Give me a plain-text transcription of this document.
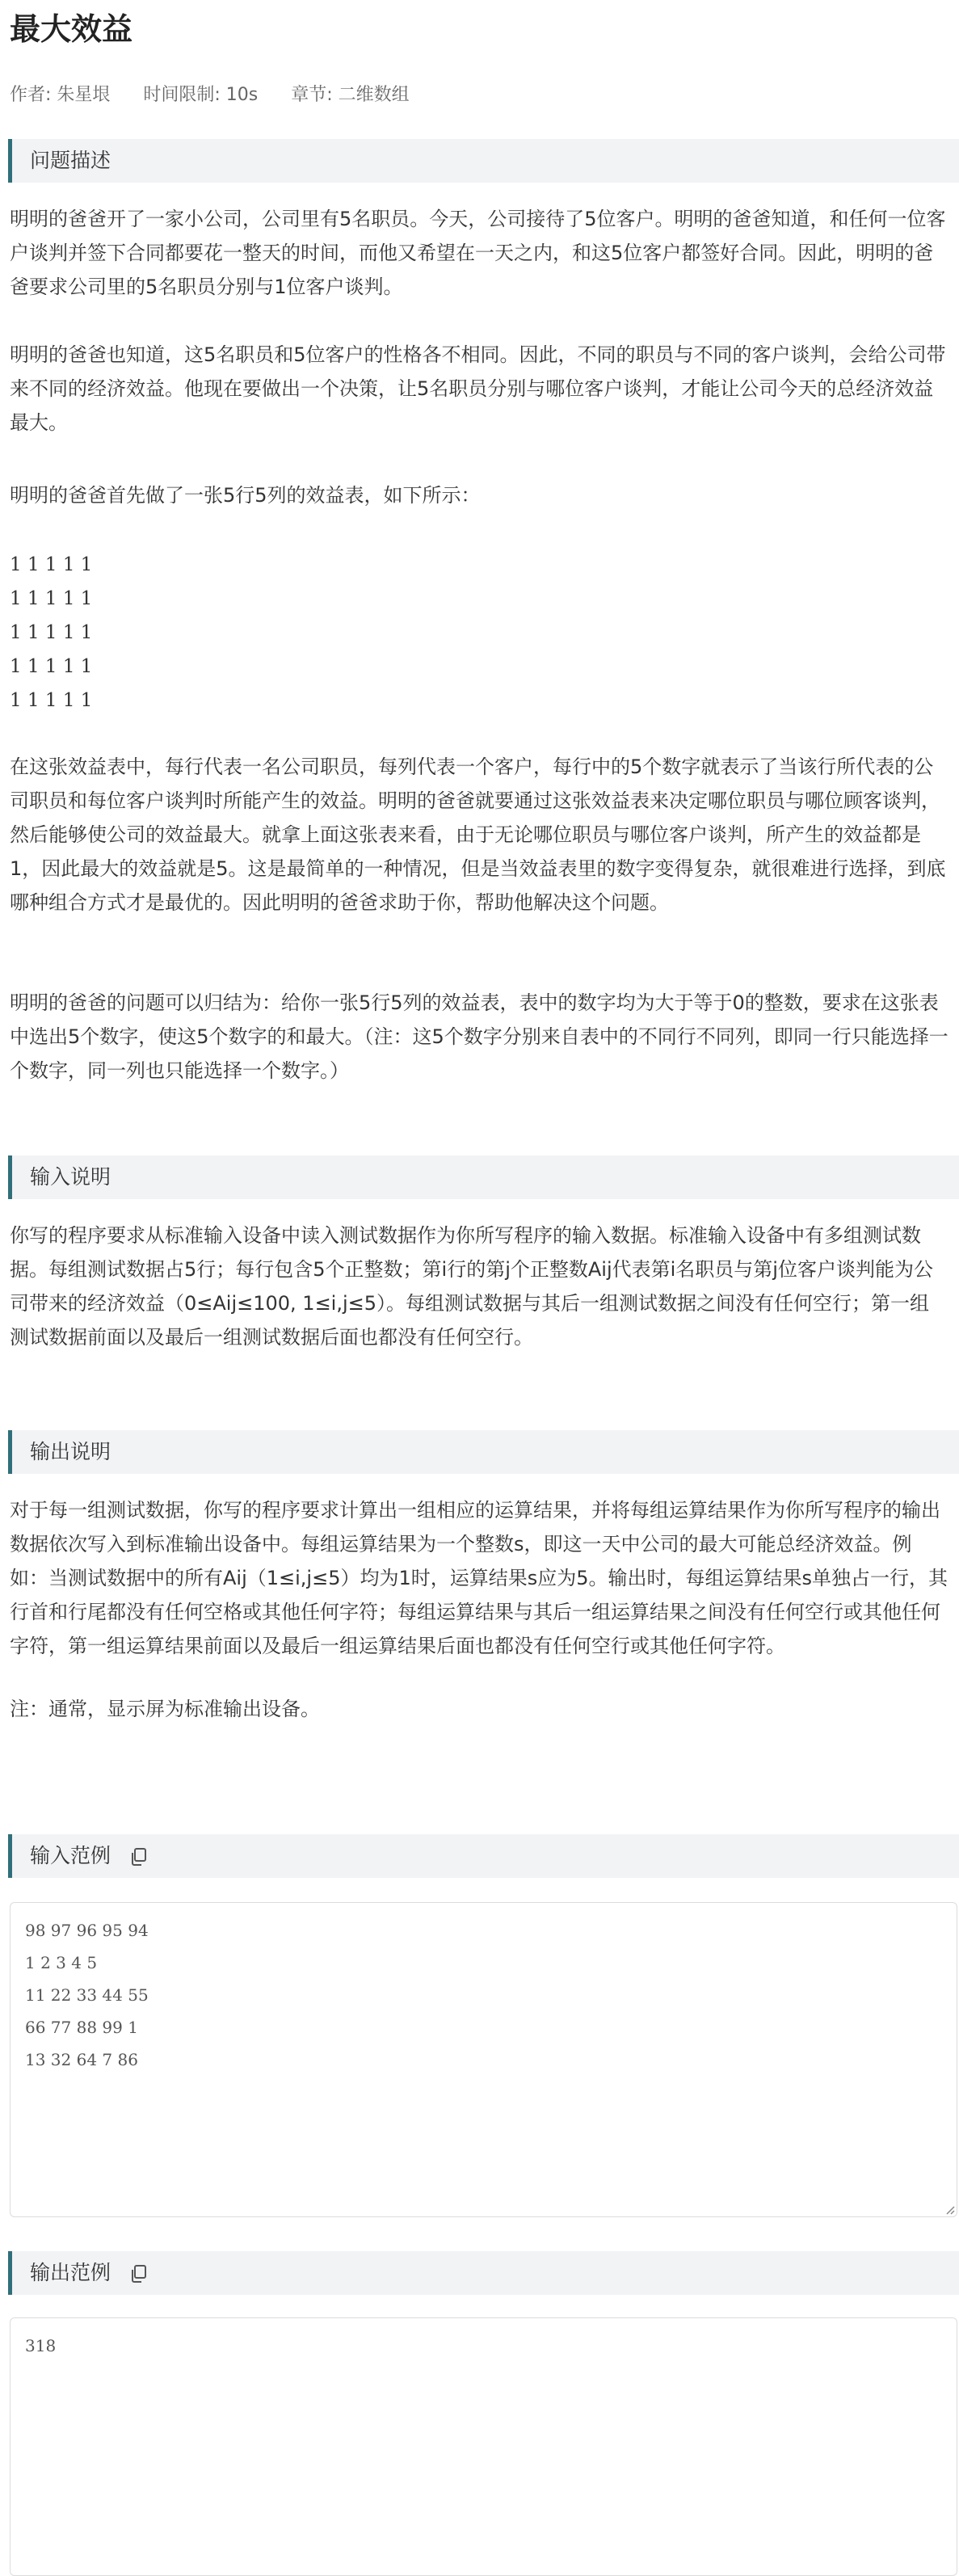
最大效益
作者: 朱星垠 时间限制: 10s 章节: 二维数组
问题描述
明明的爸爸开了一家小公司，公司里有5名职员。今天，公司接待了5位客户。明明的爸爸知道，和任何一位客户谈判并签下合同都要花一整天的时间，而他又希望在一天之内，和这5位客户都签好合同。因此，明明的爸爸要求公司里的5名职员分别与1位客户谈判。
明明的爸爸也知道，这5名职员和5位客户的性格各不相同。因此，不同的职员与不同的客户谈判，会给公司带来不同的经济效益。他现在要做出一个决策，让5名职员分别与哪位客户谈判，才能让公司今天的总经济效益最大。
明明的爸爸首先做了一张5行5列的效益表，如下所示：
1 1 1 1 1
1 1 1 1 1
1 1 1 1 1
1 1 1 1 1
1 1 1 1 1
在这张效益表中，每行代表一名公司职员，每列代表一个客户，每行中的5个数字就表示了当该行所代表的公司职员和每位客户谈判时所能产生的效益。明明的爸爸就要通过这张效益表来决定哪位职员与哪位顾客谈判，然后能够使公司的效益最大。就拿上面这张表来看，由于无论哪位职员与哪位客户谈判，所产生的效益都是1，因此最大的效益就是5。这是最简单的一种情况，但是当效益表里的数字变得复杂，就很难进行选择，到底哪种组合方式才是最优的。因此明明的爸爸求助于你，帮助他解决这个问题。
明明的爸爸的问题可以归结为：给你一张5行5列的效益表，表中的数字均为大于等于0的整数，要求在这张表中选出5个数字，使这5个数字的和最大。（注：这5个数字分别来自表中的不同行不同列，即同一行只能选择一个数字，同一列也只能选择一个数字。）
输入说明
你写的程序要求从标准输入设备中读入测试数据作为你所写程序的输入数据。标准输入设备中有多组测试数据。每组测试数据占5行；每行包含5个正整数；第i行的第j个正整数Aij代表第i名职员与第j位客户谈判能为公司带来的经济效益（0≤Aij≤100, 1≤i,j≤5）。每组测试数据与其后一组测试数据之间没有任何空行；第一组测试数据前面以及最后一组测试数据后面也都没有任何空行。
输出说明
对于每一组测试数据，你写的程序要求计算出一组相应的运算结果，并将每组运算结果作为你所写程序的输出数据依次写入到标准输出设备中。每组运算结果为一个整数s，即这一天中公司的最大可能总经济效益。例如：当测试数据中的所有Aij（1≤i,j≤5）均为1时，运算结果s应为5。输出时，每组运算结果s单独占一行，其行首和行尾都没有任何空格或其他任何字符；每组运算结果与其后一组运算结果之间没有任何空行或其他任何字符，第一组运算结果前面以及最后一组运算结果后面也都没有任何空行或其他任何字符。
注：通常，显示屏为标准输出设备。
输入范例
98 97 96 95 94
1 2 3 4 5
11 22 33 44 55
66 77 88 99 1
13 32 64 7 86
输出范例
318
